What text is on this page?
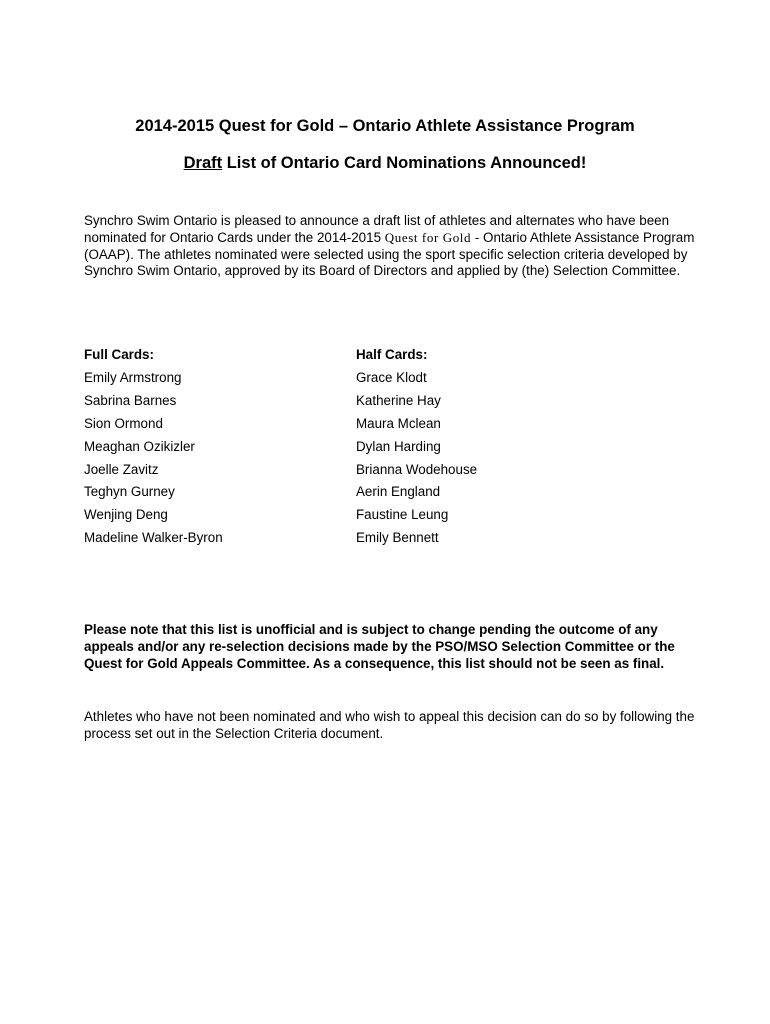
2014-2015 Quest for Gold – Ontario Athlete Assistance Program
Draft List of Ontario Card Nominations Announced!

Synchro Swim Ontario is pleased to announce a draft list of athletes and alternates who have been nominated for Ontario Cards under the 2014-2015 Quest for Gold - Ontario Athlete Assistance Program (OAAP). The athletes nominated were selected using the sport specific selection criteria developed by Synchro Swim Ontario, approved by its Board of Directors and applied by (the) Selection Committee.

Full Cards:
Emily Armstrong
Sabrina Barnes
Sion Ormond
Meaghan Ozikizler
Joelle Zavitz
Teghyn Gurney
Wenjing Deng
Madeline Walker-Byron
Half Cards:
Grace Klodt
Katherine Hay
Maura Mclean
Dylan Harding
Brianna Wodehouse
Aerin England
Faustine Leung
Emily Bennett

Please note that this list is unofficial and is subject to change pending the outcome of any appeals and/or any re-selection decisions made by the PSO/MSO Selection Committee or the Quest for Gold Appeals Committee. As a consequence, this list should not be seen as final.

Athletes who have not been nominated and who wish to appeal this decision can do so by following the process set out in the Selection Criteria document.
